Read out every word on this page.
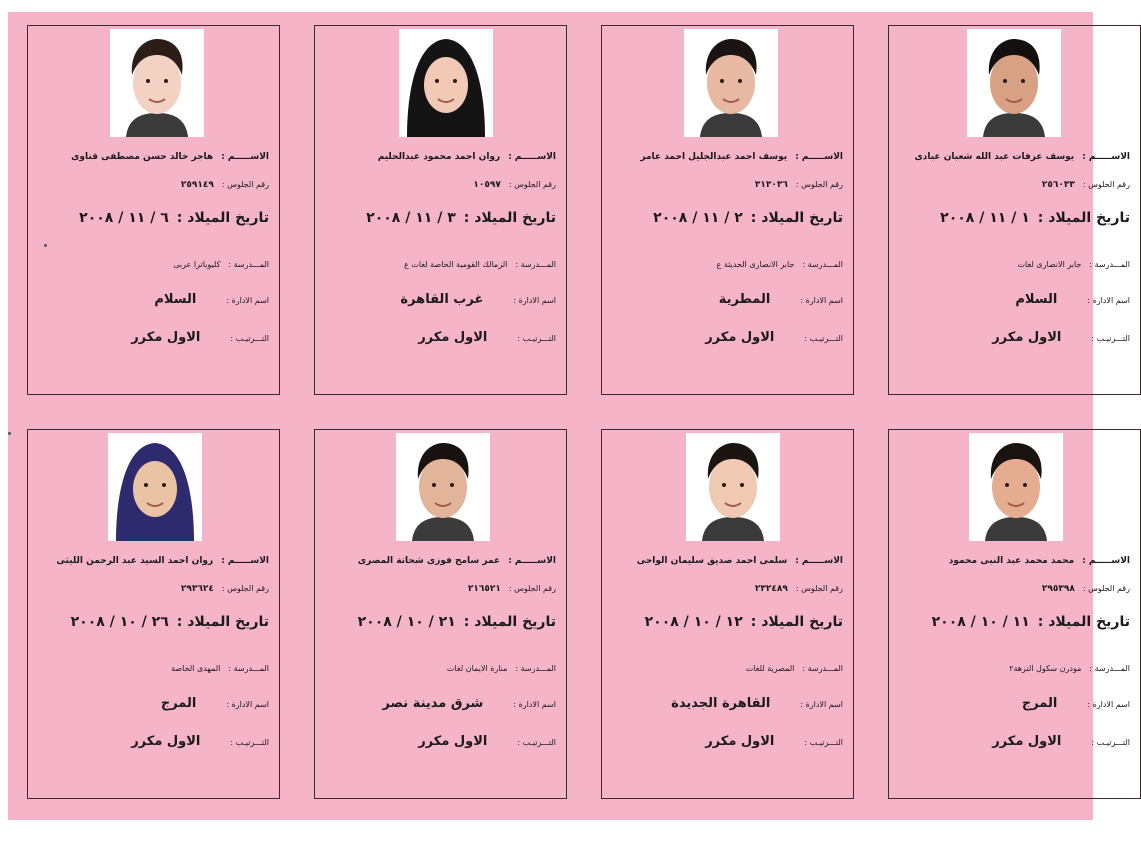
الاســـــم :هاجر خالد حسن مصطفى قناوى
رقم الجلوس :٢٥٩١٤٩
تاريخ الميلاد :٦ / ١١ / ٢٠٠٨
المـــدرسة :كليوباترا عربى
اسم الادارة :السلام
التـــرتيـب :الاول مكرر
الاســـــم :روان احمد محمود عبدالحليم
رقم الجلوس :١٠٥٩٧
تاريخ الميلاد :٣ / ١١ / ٢٠٠٨
المـــدرسة :الزمالك القومية الخاصة لغات ع
اسم الادارة :غرب القاهرة
التـــرتيـب :الاول مكرر
الاســـــم :يوسف احمد عبدالجليل احمد عامر
رقم الجلوس :٣١٣٠٣٦
تاريخ الميلاد :٢ / ١١ / ٢٠٠٨
المـــدرسة :جابر الانصارى الحديثة ع
اسم الادارة :المطرية
التـــرتيـب :الاول مكرر
الاســـــم :يوسف عرفات عبد الله شعبان عبادى
رقم الجلوس :٢٥٦٠٣٣
تاريخ الميلاد :١ / ١١ / ٢٠٠٨
المـــدرسة :جابر الانصارى لغات
اسم الادارة :السلام
التـــرتيـب :الاول مكرر
الاســـــم :روان احمد السيد عبد الرحمن الليثى
رقم الجلوس :٢٩٣٦٢٤
تاريخ الميلاد :٢٦ / ١٠ / ٢٠٠٨
المـــدرسة :المهدى الخاصة
اسم الادارة :المرج
التـــرتيـب :الاول مكرر
الاســـــم :عمر سامح فوزى شحاتة المصرى
رقم الجلوس :٢١٦٥٢١
تاريخ الميلاد :٢١ / ١٠ / ٢٠٠٨
المـــدرسة :منارة الايمان لغات
اسم الادارة :شرق مدينة نصر
التـــرتيـب :الاول مكرر
الاســـــم :سلمى احمد صديق سليمان الواحى
رقم الجلوس :٢٣٢٤٨٩
تاريخ الميلاد :١٢ / ١٠ / ٢٠٠٨
المـــدرسة :المصرية للغات
اسم الادارة :القاهرة الجديدة
التـــرتيـب :الاول مكرر
الاســـــم :محمد محمد عبد النبى محمود
رقم الجلوس :٢٩٥٣٩٨
تاريخ الميلاد :١١ / ١٠ / ٢٠٠٨
المـــدرسة :مودرن سكول النزهة٢
اسم الادارة :المرج
التـــرتيـب :الاول مكرر
